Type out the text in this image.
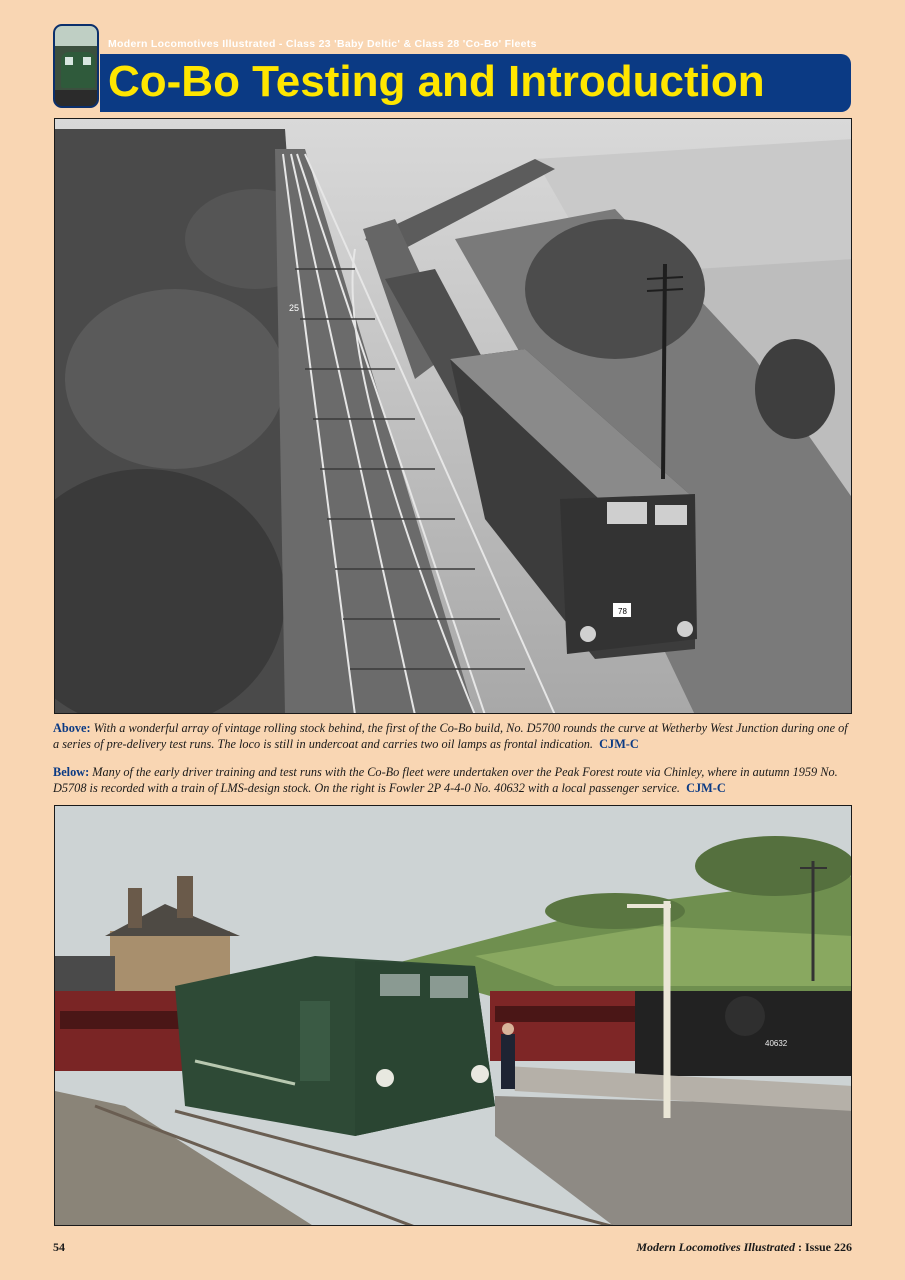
Modern Locomotives Illustrated - Class 23 'Baby Deltic' & Class 28 'Co-Bo' Fleets
Co-Bo Testing and Introduction
78
25
Above: With a wonderful array of vintage rolling stock behind, the first of the Co-Bo build, No. D5700 rounds the curve at Wetherby West Junction during one of a series of pre-delivery test runs. The loco is still in undercoat and carries two oil lamps as frontal indication. CJM-C
Below: Many of the early driver training and test runs with the Co-Bo fleet were undertaken over the Peak Forest route via Chinley, where in autumn 1959 No. D5708 is recorded with a train of LMS-design stock. On the right is Fowler 2P 4-4-0 No. 40632 with a local passenger service. CJM-C
40632
54	Modern Locomotives Illustrated : Issue 226
